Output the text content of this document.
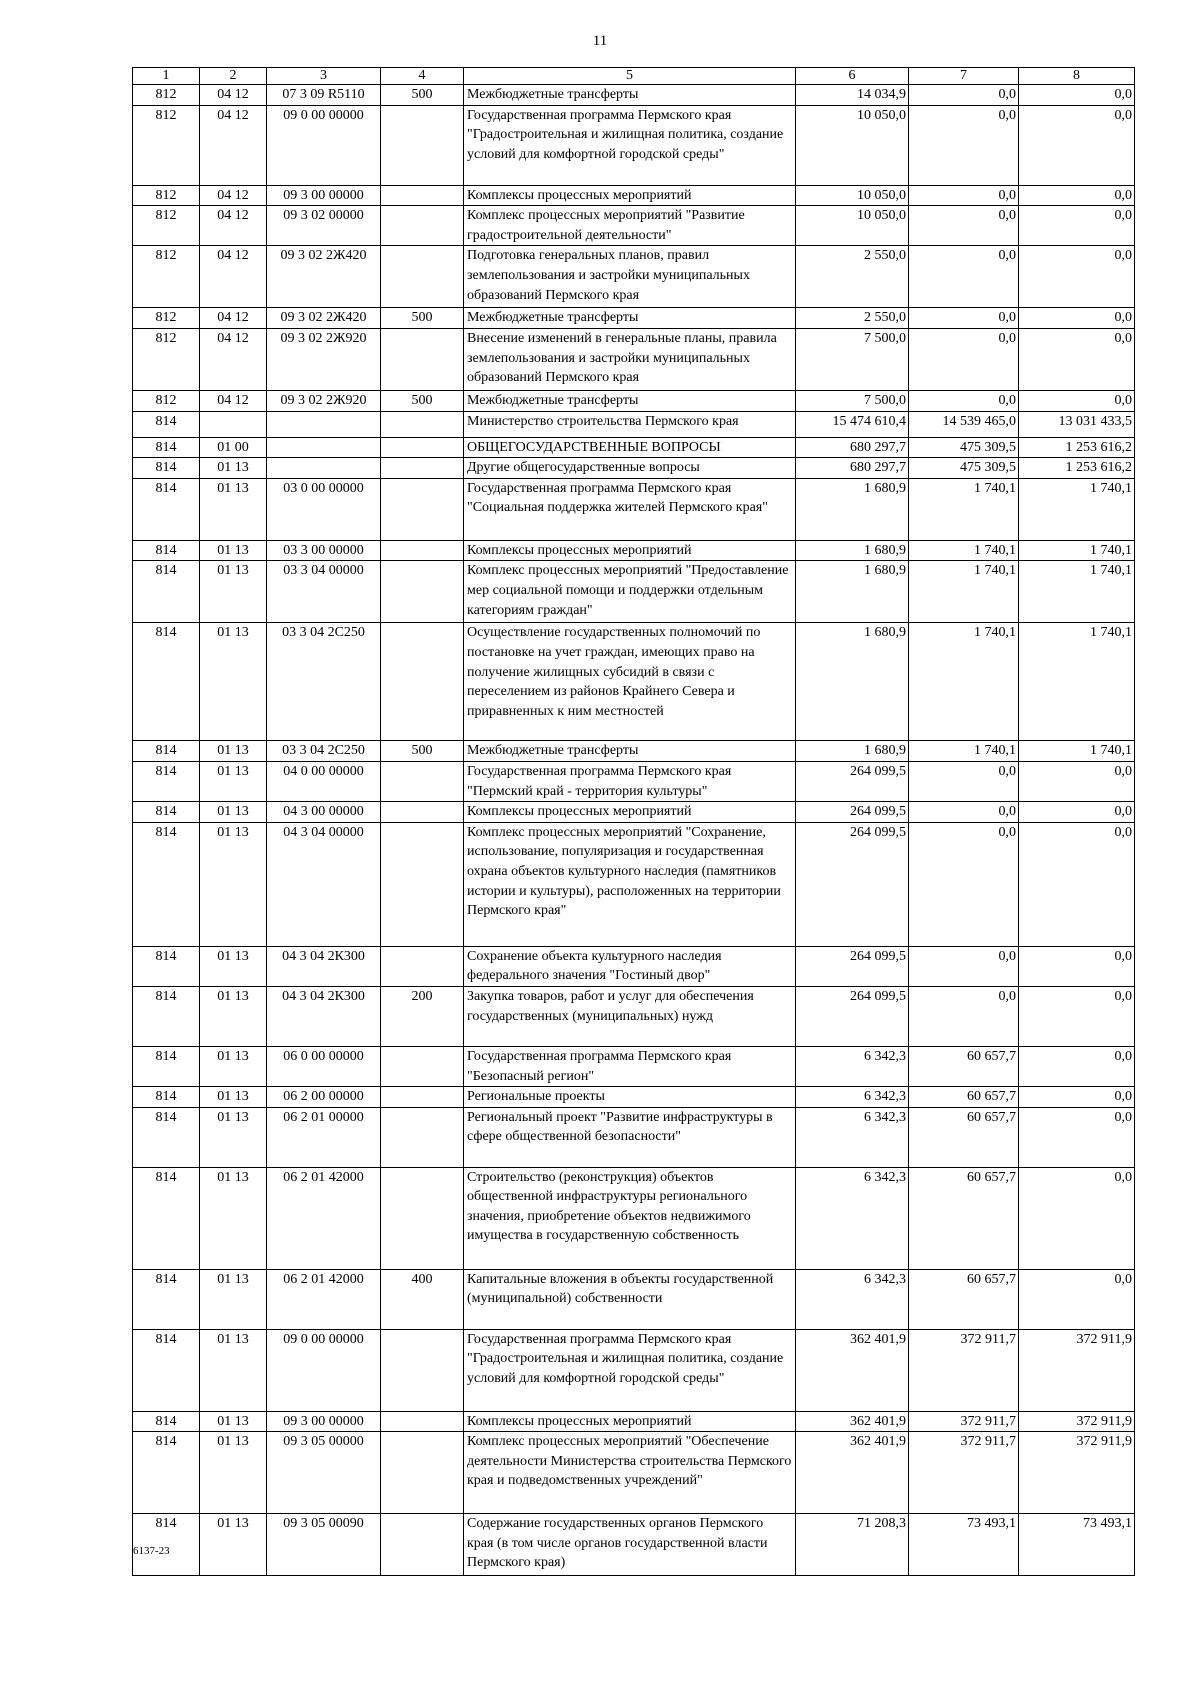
11
1	2	3	4	5	6	7	8
812	04 12	07 3 09 R5110	500	Межбюджетные трансферты	14 034,9	0,0	0,0
812	04 12	09 0 00 00000		Государственная программа Пермского края "Градостроительная и жилищная политика, создание условий для комфортной городской среды"	10 050,0	0,0	0,0
812	04 12	09 3 00 00000		Комплексы процессных мероприятий	10 050,0	0,0	0,0
812	04 12	09 3 02 00000		Комплекс процессных мероприятий "Развитие градостроительной деятельности"	10 050,0	0,0	0,0
812	04 12	09 3 02 2Ж420		Подготовка генеральных планов, правил землепользования и застройки муниципальных образований Пермского края	2 550,0	0,0	0,0
812	04 12	09 3 02 2Ж420	500	Межбюджетные трансферты	2 550,0	0,0	0,0
812	04 12	09 3 02 2Ж920		Внесение изменений в генеральные планы, правила землепользования и застройки муниципальных образований Пермского края	7 500,0	0,0	0,0
812	04 12	09 3 02 2Ж920	500	Межбюджетные трансферты	7 500,0	0,0	0,0
814				Министерство строительства Пермского края	15 474 610,4	14 539 465,0	13 031 433,5
814	01 00			ОБЩЕГОСУДАРСТВЕННЫЕ ВОПРОСЫ	680 297,7	475 309,5	1 253 616,2
814	01 13			Другие общегосударственные вопросы	680 297,7	475 309,5	1 253 616,2
814	01 13	03 0 00 00000		Государственная программа Пермского края "Социальная поддержка жителей Пермского края"	1 680,9	1 740,1	1 740,1
814	01 13	03 3 00 00000		Комплексы процессных мероприятий	1 680,9	1 740,1	1 740,1
814	01 13	03 3 04 00000		Комплекс процессных мероприятий "Предоставление мер социальной помощи и поддержки отдельным категориям граждан"	1 680,9	1 740,1	1 740,1
814	01 13	03 3 04 2С250		Осуществление государственных полномочий по постановке на учет граждан, имеющих право на получение жилищных субсидий в связи с переселением из районов Крайнего Севера и приравненных к ним местностей	1 680,9	1 740,1	1 740,1
814	01 13	03 3 04 2С250	500	Межбюджетные трансферты	1 680,9	1 740,1	1 740,1
814	01 13	04 0 00 00000		Государственная программа Пермского края "Пермский край - территория культуры"	264 099,5	0,0	0,0
814	01 13	04 3 00 00000		Комплексы процессных мероприятий	264 099,5	0,0	0,0
814	01 13	04 3 04 00000		Комплекс процессных мероприятий "Сохранение, использование, популяризация и государственная охрана объектов культурного наследия (памятников истории и культуры), расположенных на территории Пермского края"	264 099,5	0,0	0,0
814	01 13	04 3 04 2К300		Сохранение объекта культурного наследия федерального значения "Гостиный двор"	264 099,5	0,0	0,0
814	01 13	04 3 04 2К300	200	Закупка товаров, работ и услуг для обеспечения государственных (муниципальных) нужд	264 099,5	0,0	0,0
814	01 13	06 0 00 00000		Государственная программа Пермского края "Безопасный регион"	6 342,3	60 657,7	0,0
814	01 13	06 2 00 00000		Региональные проекты	6 342,3	60 657,7	0,0
814	01 13	06 2 01 00000		Региональный проект "Развитие инфраструктуры в сфере общественной безопасности"	6 342,3	60 657,7	0,0
814	01 13	06 2 01 42000		Строительство (реконструкция) объектов общественной инфраструктуры регионального значения, приобретение объектов недвижимого имущества в государственную собственность	6 342,3	60 657,7	0,0
814	01 13	06 2 01 42000	400	Капитальные вложения в объекты государственной (муниципальной) собственности	6 342,3	60 657,7	0,0
814	01 13	09 0 00 00000		Государственная программа Пермского края "Градостроительная и жилищная политика, создание условий для комфортной городской среды"	362 401,9	372 911,7	372 911,9
814	01 13	09 3 00 00000		Комплексы процессных мероприятий	362 401,9	372 911,7	372 911,9
814	01 13	09 3 05 00000		Комплекс процессных мероприятий "Обеспечение деятельности Министерства строительства Пермского края и подведомственных учреждений"	362 401,9	372 911,7	372 911,9
814	01 13	09 3 05 00090		Содержание государственных органов Пермского края (в том числе органов государственной власти Пермского края)	71 208,3	73 493,1	73 493,1
6137-23
